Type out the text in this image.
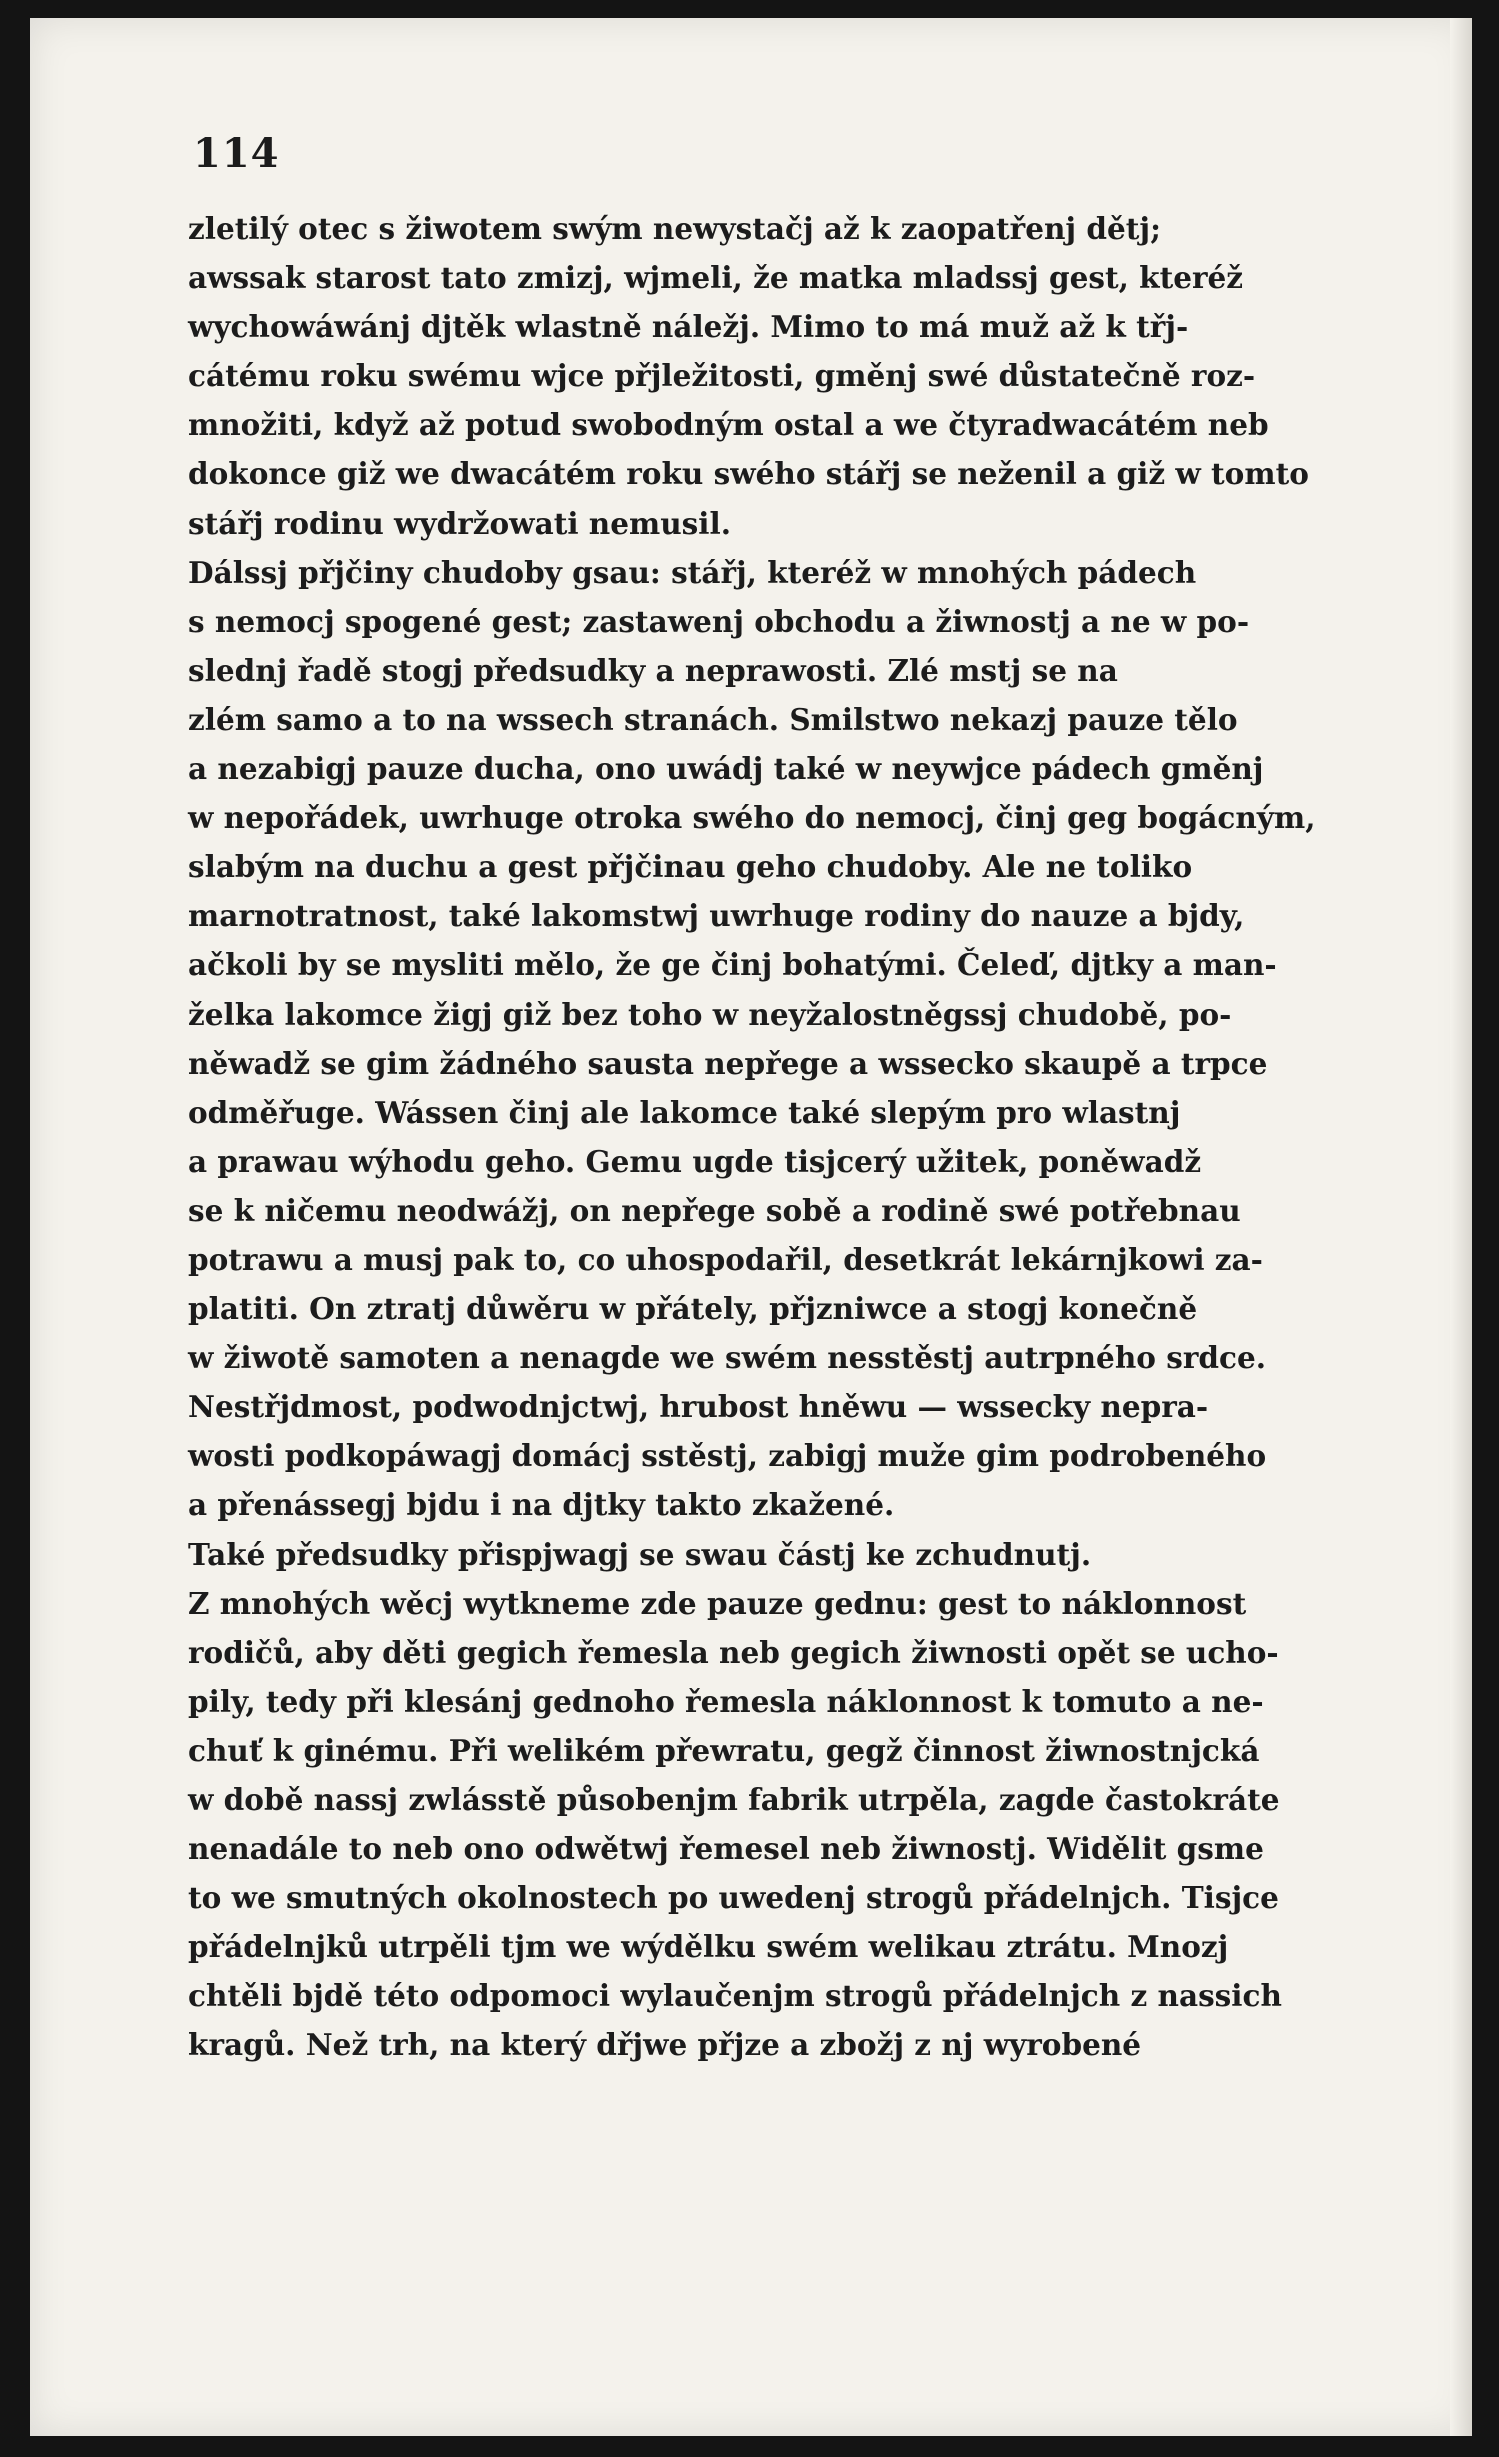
114
zletilý otec s žiwotem swým newystačj až k zaopatřenj dětj;
awssak starost tato zmizj, wjmeli, že matka mladssj gest, kteréž
wychowáwánj djtěk wlastně náležj. Mimo to má muž až k třj-
cátému roku swému wjce přjležitosti, gměnj swé důstatečně roz-
množiti, když až potud swobodným ostal a we čtyradwacátém neb
dokonce giž we dwacátém roku swého stářj se neženil a giž w tomto
stářj rodinu wydržowati nemusil.
Dálssj přjčiny chudoby gsau: stářj, kteréž w mnohých pádech
s nemocj spogené gest; zastawenj obchodu a žiwnostj a ne w po-
slednj řadě stogj předsudky a neprawosti. Zlé mstj se na
zlém samo a to na wssech stranách. Smilstwo nekazj pauze tělo
a nezabigj pauze ducha, ono uwádj také w neywjce pádech gměnj
w nepořádek, uwrhuge otroka swého do nemocj, činj geg bogácným,
slabým na duchu a gest přjčinau geho chudoby. Ale ne toliko
marnotratnost, také lakomstwj uwrhuge rodiny do nauze a bjdy,
ačkoli by se mysliti mělo, že ge činj bohatými. Čeleď, djtky a man-
želka lakomce žigj giž bez toho w neyžalostněgssj chudobě, po-
něwadž se gim žádného sausta nepřege a wssecko skaupě a trpce
odměřuge. Wássen činj ale lakomce také slepým pro wlastnj
a prawau wýhodu geho. Gemu ugde tisjcerý užitek, poněwadž
se k ničemu neodwážj, on nepřege sobě a rodině swé potřebnau
potrawu a musj pak to, co uhospodařil, desetkrát lekárnjkowi za-
platiti. On ztratj důwěru w přátely, přjzniwce a stogj konečně
w žiwotě samoten a nenagde we swém nesstěstj autrpného srdce.
Nestřjdmost, podwodnjctwj, hrubost hněwu — wssecky nepra-
wosti podkopáwagj domácj sstěstj, zabigj muže gim podrobeného
a přenássegj bjdu i na djtky takto zkažené.
Také předsudky přispjwagj se swau částj ke zchudnutj.
Z mnohých wěcj wytkneme zde pauze gednu: gest to náklonnost
rodičů, aby děti gegich řemesla neb gegich žiwnosti opět se ucho-
pily, tedy při klesánj gednoho řemesla náklonnost k tomuto a ne-
chuť k ginému. Při welikém přewratu, gegž činnost žiwnostnjcká
w době nassj zwlásstě působenjm fabrik utrpěla, zagde častokráte
nenadále to neb ono odwětwj řemesel neb žiwnostj. Widělit gsme
to we smutných okolnostech po uwedenj strogů přádelnjch. Tisjce
přádelnjků utrpěli tjm we wýdělku swém welikau ztrátu. Mnozj
chtěli bjdě této odpomoci wylaučenjm strogů přádelnjch z nassich
kragů. Než trh, na který dřjwe přjze a zbožj z nj wyrobené
